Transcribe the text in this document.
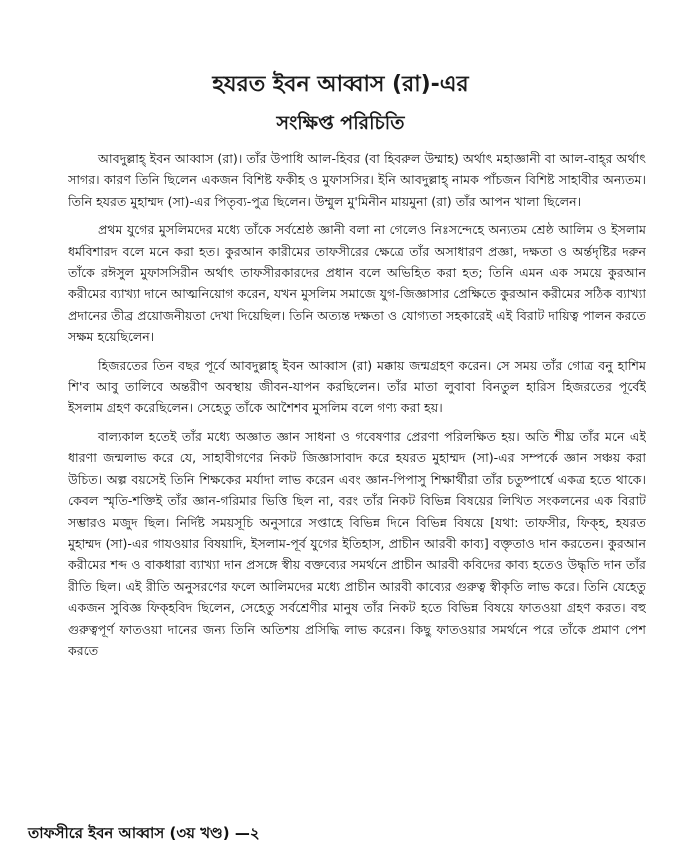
হযরত ইবন আব্বাস (রা)-এর
সংক্ষিপ্ত পরিচিতি

আবদুল্লাহ্ ইবন আব্বাস (রা)। তাঁর উপাধি আল-হিবর (বা হিবরুল উম্মাহ) অর্থাৎ মহাজ্ঞানী বা আল-বাহ্‌র অর্থাৎ সাগর। কারণ তিনি ছিলেন একজন বিশিষ্ট ফকীহ ও মুফাসসির। ইনি আবদুল্লাহ্ নামক পাঁচজন বিশিষ্ট সাহাবীর অন্যতম। তিনি হযরত মুহাম্মদ (সা)-এর পিতৃব্য-পুত্র ছিলেন। উম্মুল মু'মিনীন মায়মুনা (রা) তাঁর আপন খালা ছিলেন।

প্রথম যুগের মুসলিমদের মধ্যে তাঁকে সর্বশ্রেষ্ঠ জ্ঞানী বলা না গেলেও নিঃসন্দেহে অন্যতম শ্রেষ্ঠ আলিম ও ইসলাম ধর্মবিশারদ বলে মনে করা হত। কুরআন কারীমের তাফসীরের ক্ষেত্রে তাঁর অসাধারণ প্রজ্ঞা, দক্ষতা ও অর্ন্তদৃষ্টির দরুন তাঁকে রঈসুল মুফাসসিরীন অর্থাৎ তাফসীরকারদের প্রধান বলে অভিহিত করা হত; তিনি এমন এক সময়ে কুরআন করীমের ব্যাখ্যা দানে আত্মনিয়োগ করেন, যখন মুসলিম সমাজে যুগ-জিজ্ঞাসার প্রেক্ষিতে কুরআন করীমের সঠিক ব্যাখ্যা প্রদানের তীব্র প্রয়োজনীয়তা দেখা দিয়েছিল। তিনি অত্যন্ত দক্ষতা ও যোগ্যতা সহকারেই এই বিরাট দায়িত্ব পালন করতে সক্ষম হয়েছিলেন।

হিজরতের তিন বছর পূর্বে আবদুল্লাহ্ ইবন আব্বাস (রা) মক্কায় জন্মগ্রহণ করেন। সে সময় তাঁর গোত্র বনু হাশিম শি'ব আবু তালিবে অন্তরীণ অবস্থায় জীবন-যাপন করছিলেন। তাঁর মাতা লুবাবা বিনতুল হারিস হিজরতের পূর্বেই ইসলাম গ্রহণ করেছিলেন। সেহেতু তাঁকে আশৈশব মুসলিম বলে গণ্য করা হয়।

বাল্যকাল হতেই তাঁর মধ্যে অজ্ঞাত জ্ঞান সাধনা ও গবেষণার প্রেরণা পরিলক্ষিত হয়। অতি শীঘ্র তাঁর মনে এই ধারণা জন্মলাভ করে যে, সাহাবীগণের নিকট জিজ্ঞাসাবাদ করে হযরত মুহাম্মদ (সা)-এর সম্পর্কে জ্ঞান সঞ্চয় করা উচিত। অল্প বয়সেই তিনি শিক্ষকের মর্যাদা লাভ করেন এবং জ্ঞান-পিপাসু শিক্ষার্থীরা তাঁর চতুষ্পার্শ্বে একত্র হতে থাকে। কেবল স্মৃতি-শক্তিই তাঁর জ্ঞান-গরিমার ভিত্তি ছিল না, বরং তাঁর নিকট বিভিন্ন বিষয়ের লিখিত সংকলনের এক বিরাট সম্ভারও মজুদ ছিল। নির্দিষ্ট সময়সূচি অনুসারে সপ্তাহে বিভিন্ন দিনে বিভিন্ন বিষয়ে [যথা: তাফসীর, ফিক্‌হ, হযরত মুহাম্মদ (সা)-এর গাযওয়ার বিষয়াদি, ইসলাম-পূর্ব যুগের ইতিহাস, প্রাচীন আরবী কাব্য] বক্তৃতাও দান করতেন। কুরআন করীমের শব্দ ও বাকধারা ব্যাখ্যা দান প্রসঙ্গে স্বীয় বক্তব্যের সমর্থনে প্রাচীন আরবী কবিদের কাব্য হতেও উদ্ধৃতি দান তাঁর রীতি ছিল। এই রীতি অনুসরণের ফলে আলিমদের মধ্যে প্রাচীন আরবী কাব্যের গুরুত্ব স্বীকৃতি লাভ করে। তিনি যেহেতু একজন সুবিজ্ঞ ফিক্‌হবিদ ছিলেন, সেহেতু সর্বশ্রেণীর মানুষ তাঁর নিকট হতে বিভিন্ন বিষয়ে ফাতওয়া গ্রহণ করত। বহু গুরুত্বপূর্ণ ফাতওয়া দানের জন্য তিনি অতিশয় প্রসিদ্ধি লাভ করেন। কিছু ফাতওয়ার সমর্থনে পরে তাঁকে প্রমাণ পেশ করতে

তাফসীরে ইবন আব্বাস (৩য় খণ্ড) —২
